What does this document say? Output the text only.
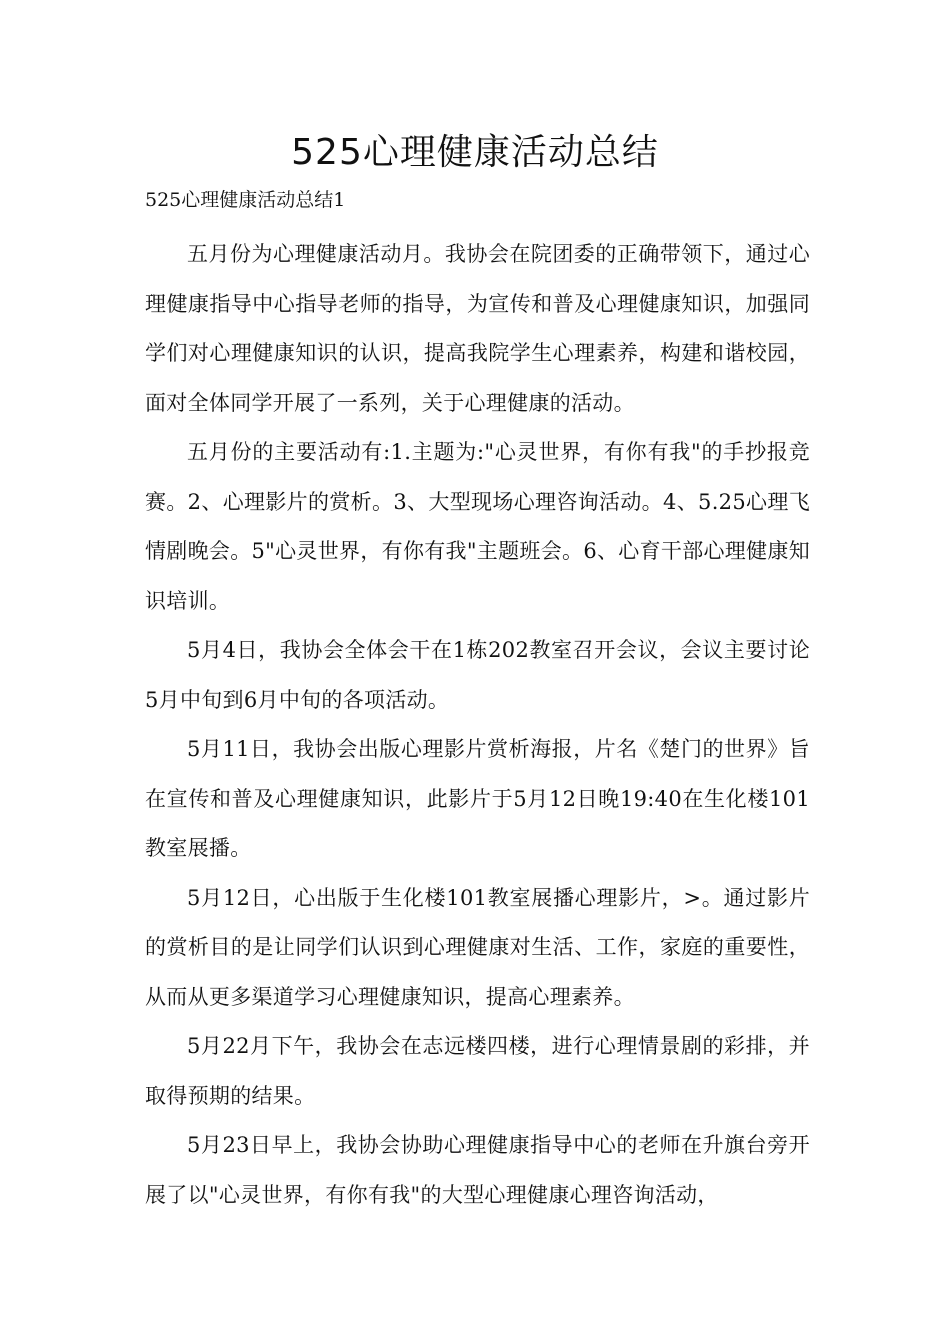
525心理健康活动总结
525心理健康活动总结1

五月份为心理健康活动月。我协会在院团委的正确带领下，通过心理健康指导中心指导老师的指导，为宣传和普及心理健康知识，加强同学们对心理健康知识的认识，提高我院学生心理素养，构建和谐校园，面对全体同学开展了一系列，关于心理健康的活动。

五月份的主要活动有:1.主题为:"心灵世界，有你有我"的手抄报竞赛。2、心理影片的赏析。3、大型现场心理咨询活动。4、5.25心理飞情剧晚会。5"心灵世界，有你有我"主题班会。6、心育干部心理健康知识培训。

5月4日，我协会全体会干在1栋202教室召开会议，会议主要讨论5月中旬到6月中旬的各项活动。

5月11日，我协会出版心理影片赏析海报，片名《楚门的世界》旨在宣传和普及心理健康知识，此影片于5月12日晚19:40在生化楼101教室展播。

5月12日，心出版于生化楼101教室展播心理影片，>。通过影片的赏析目的是让同学们认识到心理健康对生活、工作，家庭的重要性，从而从更多渠道学习心理健康知识，提高心理素养。

5月22月下午，我协会在志远楼四楼，进行心理情景剧的彩排，并取得预期的结果。

5月23日早上，我协会协助心理健康指导中心的老师在升旗台旁开展了以"心灵世界，有你有我"的大型心理健康心理咨询活动，
